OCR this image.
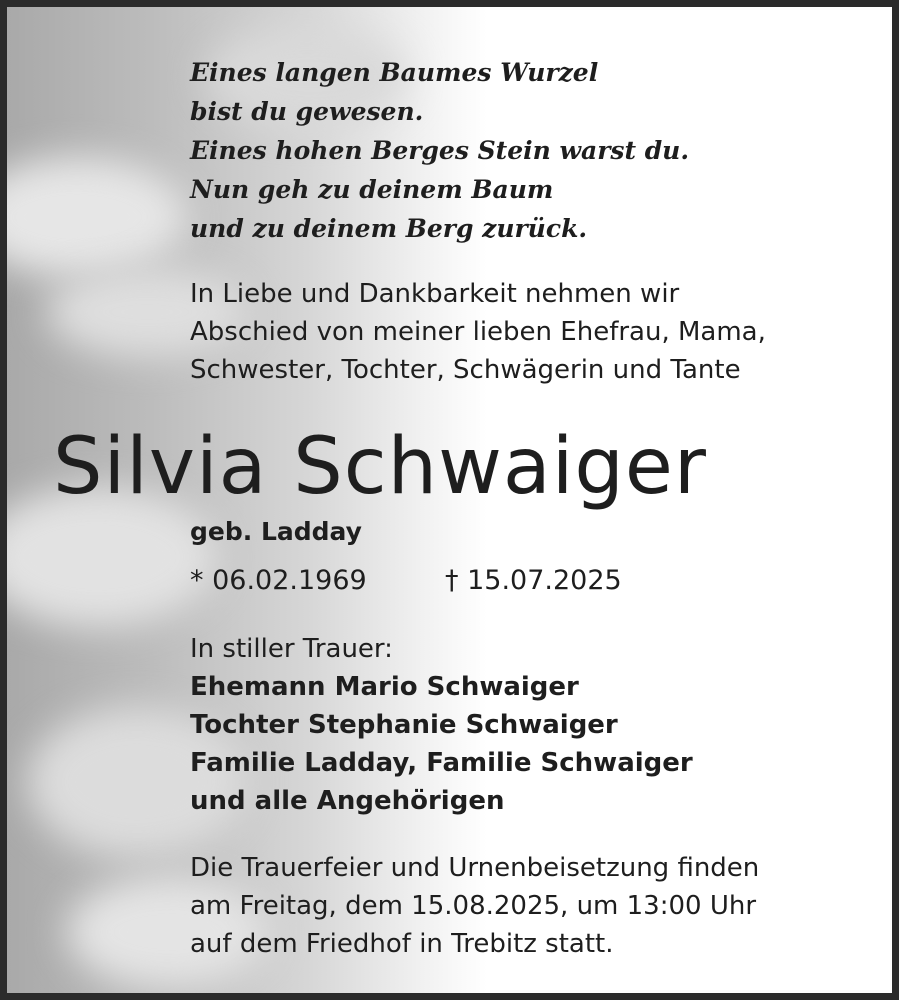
Eines langen Baumes Wurzel
bist du gewesen.
Eines hohen Berges Stein warst du.
Nun geh zu deinem Baum
und zu deinem Berg zurück.
In Liebe und Dankbarkeit nehmen wir
Abschied von meiner lieben Ehefrau, Mama,
Schwester, Tochter, Schwägerin und Tante
Silvia Schwaiger
geb. Ladday
* 06.02.1969	† 15.07.2025
In stiller Trauer:
Ehemann Mario Schwaiger
Tochter Stephanie Schwaiger
Familie Ladday, Familie Schwaiger
und alle Angehörigen
Die Trauerfeier und Urnenbeisetzung finden
am Freitag, dem 15.08.2025, um 13:00 Uhr
auf dem Friedhof in Trebitz statt.
